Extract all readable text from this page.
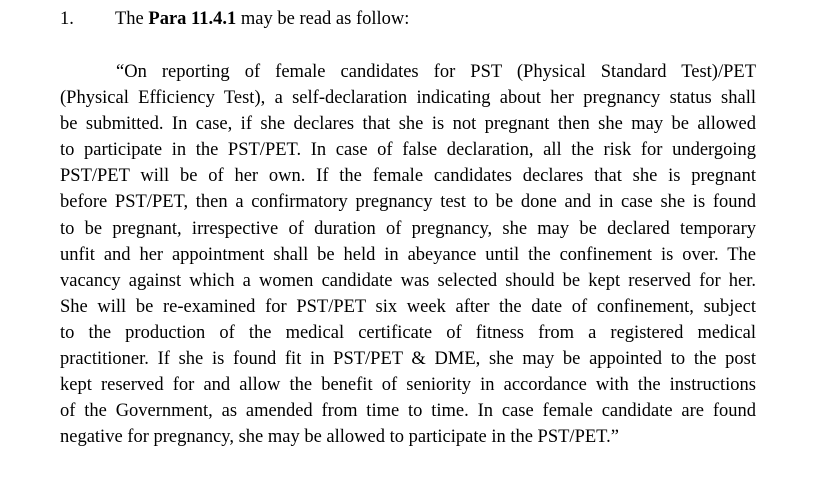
1. The Para 11.4.1 may be read as follow:
“On reporting of female candidates for PST (Physical Standard Test)/PET
(Physical Efficiency Test), a self-declaration indicating about her pregnancy status shall
be submitted. In case, if she declares that she is not pregnant then she may be allowed
to participate in the PST/PET. In case of false declaration, all the risk for undergoing
PST/PET will be of her own. If the female candidates declares that she is pregnant
before PST/PET, then a confirmatory pregnancy test to be done and in case she is found
to be pregnant, irrespective of duration of pregnancy, she may be declared temporary
unfit and her appointment shall be held in abeyance until the confinement is over. The
vacancy against which a women candidate was selected should be kept reserved for her.
She will be re-examined for PST/PET six week after the date of confinement, subject
to the production of the medical certificate of fitness from a registered medical
practitioner. If she is found fit in PST/PET & DME, she may be appointed to the post
kept reserved for and allow the benefit of seniority in accordance with the instructions
of the Government, as amended from time to time. In case female candidate are found
negative for pregnancy, she may be allowed to participate in the PST/PET.”
